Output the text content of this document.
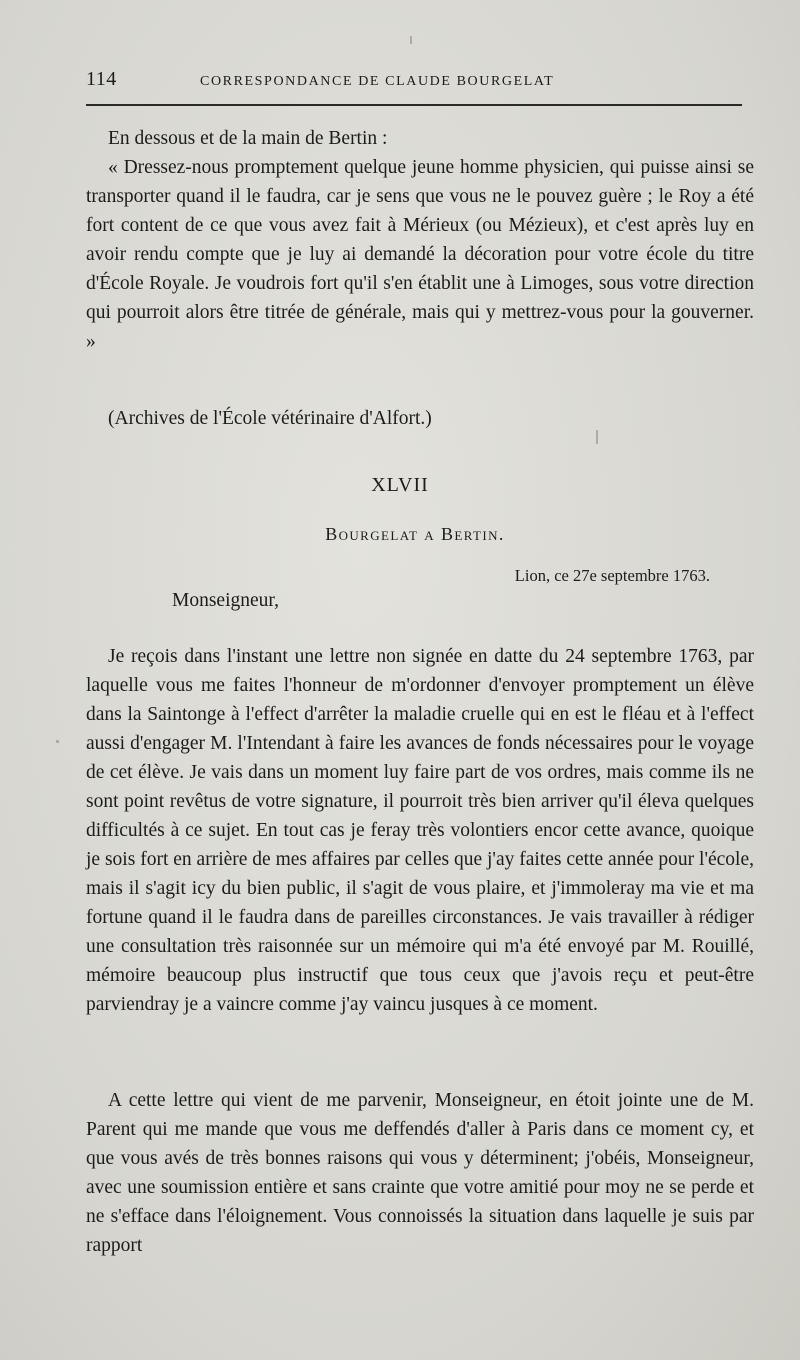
114	CORRESPONDANCE DE CLAUDE BOURGELAT

En dessous et de la main de Bertin :

« Dressez-nous promptement quelque jeune homme physicien, qui puisse ainsi se transporter quand il le faudra, car je sens que vous ne le pouvez guère ; le Roy a été fort content de ce que vous avez fait à Mérieux (ou Mézieux), et c'est après luy en avoir rendu compte que je luy ai demandé la décoration pour votre école du titre d'École Royale. Je voudrois fort qu'il s'en établit une à Limoges, sous votre direction qui pourroit alors être titrée de générale, mais qui y mettrez-vous pour la gouverner. »

(Archives de l'École vétérinaire d'Alfort.)

XLVII
Bourgelat a Bertin.
Lion, ce 27e septembre 1763.
Monseigneur,

Je reçois dans l'instant une lettre non signée en datte du 24 septembre 1763, par laquelle vous me faites l'honneur de m'ordonner d'envoyer promptement un élève dans la Saintonge à l'effect d'arrêter la maladie cruelle qui en est le fléau et à l'effect aussi d'engager M. l'Intendant à faire les avances de fonds nécessaires pour le voyage de cet élève. Je vais dans un moment luy faire part de vos ordres, mais comme ils ne sont point revêtus de votre signature, il pourroit très bien arriver qu'il éleva quelques difficultés à ce sujet. En tout cas je feray très volontiers encor cette avance, quoique je sois fort en arrière de mes affaires par celles que j'ay faites cette année pour l'école, mais il s'agit icy du bien public, il s'agit de vous plaire, et j'immoleray ma vie et ma fortune quand il le faudra dans de pareilles circonstances. Je vais travailler à rédiger une consultation très raisonnée sur un mémoire qui m'a été envoyé par M. Rouillé, mémoire beaucoup plus instructif que tous ceux que j'avois reçu et peut-être parviendray je a vaincre comme j'ay vaincu jusques à ce moment.

A cette lettre qui vient de me parvenir, Monseigneur, en étoit jointe une de M. Parent qui me mande que vous me deffendés d'aller à Paris dans ce moment cy, et que vous avés de très bonnes raisons qui vous y déterminent; j'obéis, Monseigneur, avec une soumission entière et sans crainte que votre amitié pour moy ne se perde et ne s'efface dans l'éloignement. Vous connoissés la situation dans laquelle je suis par rapport
